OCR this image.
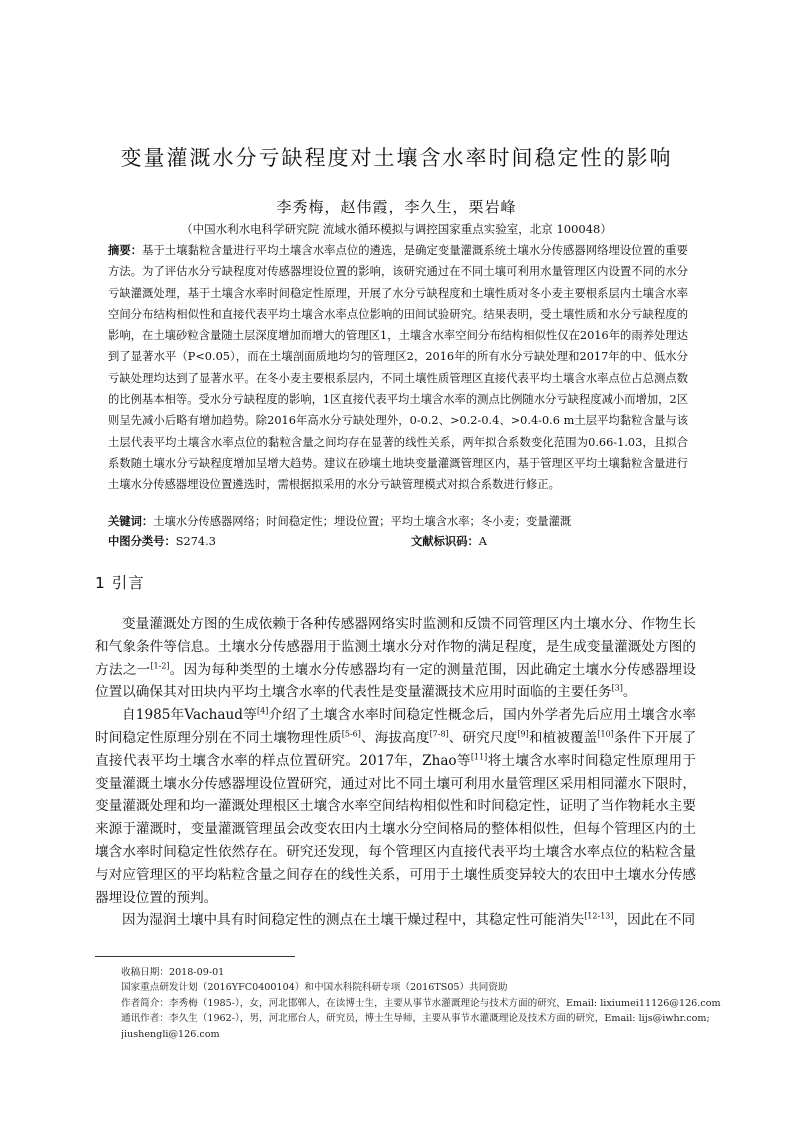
变量灌溉水分亏缺程度对土壤含水率时间稳定性的影响
李秀梅，赵伟霞，李久生，栗岩峰
（中国水利水电科学研究院 流域水循环模拟与调控国家重点实验室，北京 100048）
摘要：基于土壤黏粒含量进行平均土壤含水率点位的遴选，是确定变量灌溉系统土壤水分传感器网络埋设位置的重要方法。为了评估水分亏缺程度对传感器埋设位置的影响，该研究通过在不同土壤可利用水量管理区内设置不同的水分亏缺灌溉处理，基于土壤含水率时间稳定性原理，开展了水分亏缺程度和土壤性质对冬小麦主要根系层内土壤含水率空间分布结构相似性和直接代表平均土壤含水率点位影响的田间试验研究。结果表明，受土壤性质和水分亏缺程度的影响，在土壤砂粒含量随土层深度增加而增大的管理区1，土壤含水率空间分布结构相似性仅在2016年的雨养处理达到了显著水平（P<0.05），而在土壤剖面质地均匀的管理区2，2016年的所有水分亏缺处理和2017年的中、低水分亏缺处理均达到了显著水平。在冬小麦主要根系层内，不同土壤性质管理区直接代表平均土壤含水率点位占总测点数的比例基本相等。受水分亏缺程度的影响，1区直接代表平均土壤含水率的测点比例随水分亏缺程度减小而增加，2区则呈先减小后略有增加趋势。除2016年高水分亏缺处理外，0-0.2、>0.2-0.4、>0.4-0.6 m土层平均黏粒含量与该土层代表平均土壤含水率点位的黏粒含量之间均存在显著的线性关系，两年拟合系数变化范围为0.66-1.03，且拟合系数随土壤水分亏缺程度增加呈增大趋势。建议在砂壤土地块变量灌溉管理区内，基于管理区平均土壤黏粒含量进行土壤水分传感器埋设位置遴选时，需根据拟采用的水分亏缺管理模式对拟合系数进行修正。
关键词：土壤水分传感器网络；时间稳定性；埋设位置；平均土壤含水率；冬小麦；变量灌溉
中图分类号：S274.3	文献标识码：A
1 引言

变量灌溉处方图的生成依赖于各种传感器网络实时监测和反馈不同管理区内土壤水分、作物生长和气象条件等信息。土壤水分传感器用于监测土壤水分对作物的满足程度，是生成变量灌溉处方图的方法之一[1-2]。因为每种类型的土壤水分传感器均有一定的测量范围，因此确定土壤水分传感器埋设位置以确保其对田块内平均土壤含水率的代表性是变量灌溉技术应用时面临的主要任务[3]。

自1985年Vachaud等[4]介绍了土壤含水率时间稳定性概念后，国内外学者先后应用土壤含水率时间稳定性原理分别在不同土壤物理性质[5-6]、海拔高度[7-8]、研究尺度[9]和植被覆盖[10]条件下开展了直接代表平均土壤含水率的样点位置研究。2017年，Zhao等[11]将土壤含水率时间稳定性原理用于变量灌溉土壤水分传感器埋设位置研究，通过对比不同土壤可利用水量管理区采用相同灌水下限时，变量灌溉处理和均一灌溉处理根区土壤含水率空间结构相似性和时间稳定性，证明了当作物耗水主要来源于灌溉时，变量灌溉管理虽会改变农田内土壤水分空间格局的整体相似性，但每个管理区内的土壤含水率时间稳定性依然存在。研究还发现，每个管理区内直接代表平均土壤含水率点位的粘粒含量与对应管理区的平均粘粒含量之间存在的线性关系，可用于土壤性质变异较大的农田中土壤水分传感器埋设位置的预判。

因为湿润土壤中具有时间稳定性的测点在土壤干燥过程中，其稳定性可能消失[12-13]，因此在不同

收稿日期：2018-09-01
国家重点研发计划（2016YFC0400104）和中国水科院科研专项（2016TS05）共同资助
作者简介：李秀梅（1985-），女，河北邯郸人，在读博士生，主要从事节水灌溉理论与技术方面的研究，Email: lixiumei11126@126.com
通讯作者：李久生（1962-），男，河北邢台人，研究员，博士生导师，主要从事节水灌溉理论及技术方面的研究，Email: lijs@iwhr.com;
jiushengli@126.com
